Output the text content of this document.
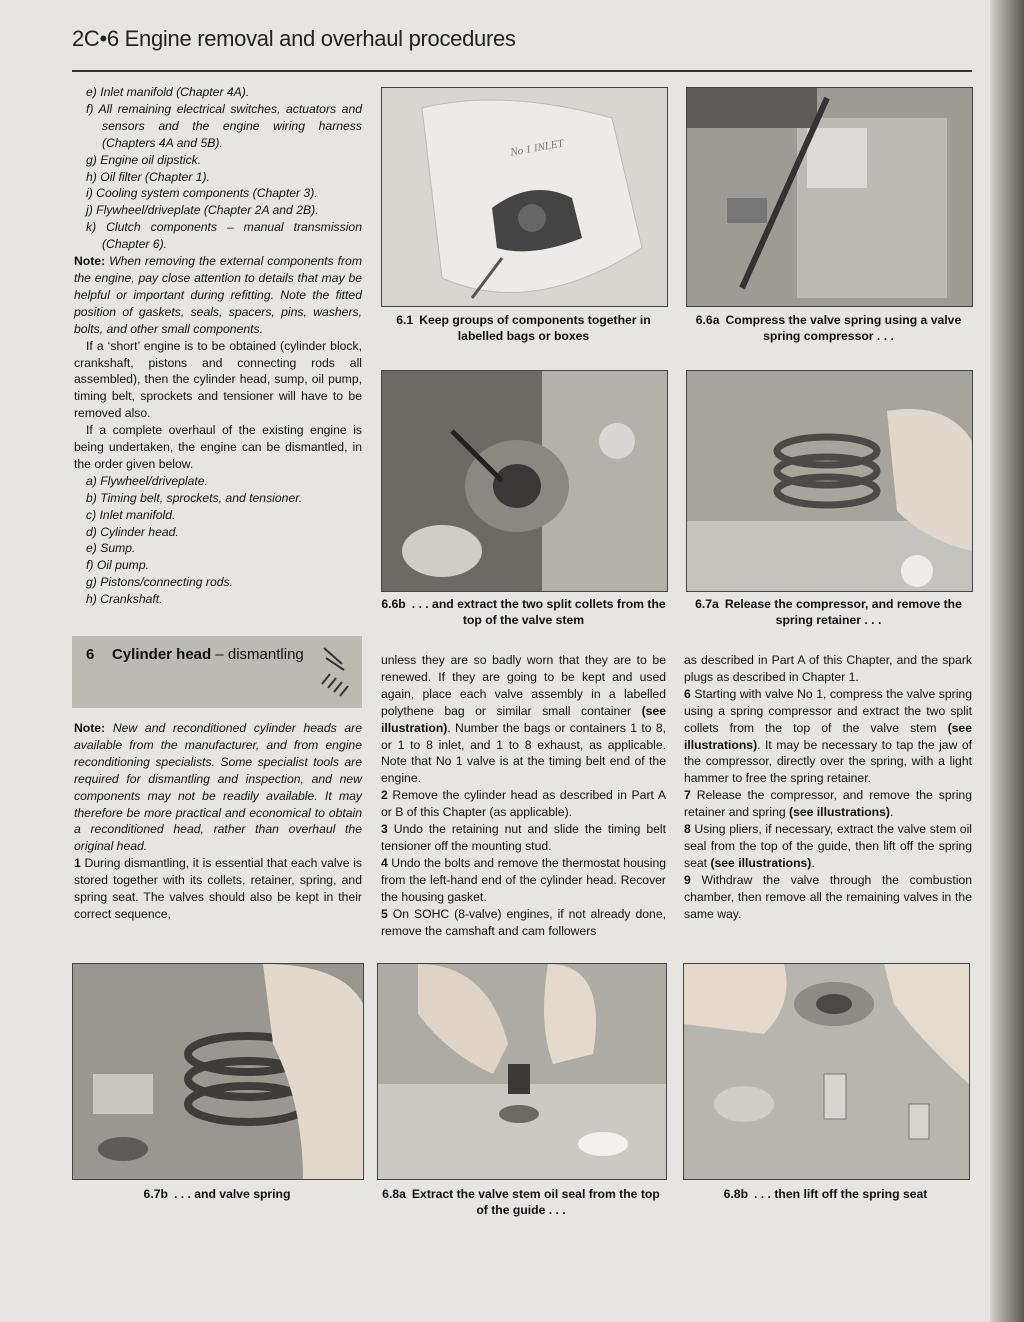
2C•6 Engine removal and overhaul procedures

e) Inlet manifold (Chapter 4A).

f) All remaining electrical switches, actuators and sensors and the engine wiring harness (Chapters 4A and 5B).

g) Engine oil dipstick.

h) Oil filter (Chapter 1).

i) Cooling system components (Chapter 3).

j) Flywheel/driveplate (Chapter 2A and 2B).

k) Clutch components – manual transmission (Chapter 6).

Note: When removing the external components from the engine, pay close attention to details that may be helpful or important during refitting. Note the fitted position of gaskets, seals, spacers, pins, washers, bolts, and other small components.

If a ‘short’ engine is to be obtained (cylinder block, crankshaft, pistons and connecting rods all assembled), then the cylinder head, sump, oil pump, timing belt, sprockets and tensioner will have to be removed also.

If a complete overhaul of the existing engine is being undertaken, the engine can be dismantled, in the order given below.

a) Flywheel/driveplate.

b) Timing belt, sprockets, and tensioner.

c) Inlet manifold.

d) Cylinder head.

e) Sump.

f) Oil pump.

g) Pistons/connecting rods.

h) Crankshaft.

6 Cylinder head – dismantling

Note: New and reconditioned cylinder heads are available from the manufacturer, and from engine reconditioning specialists. Some specialist tools are required for dismantling and inspection, and new components may not be readily available. It may therefore be more practical and economical to obtain a reconditioned head, rather than overhaul the original head.

1 During dismantling, it is essential that each valve is stored together with its collets, retainer, spring, and spring seat. The valves should also be kept in their correct sequence,

unless they are so badly worn that they are to be renewed. If they are going to be kept and used again, place each valve assembly in a labelled polythene bag or similar small container (see illustration). Number the bags or containers 1 to 8, or 1 to 8 inlet, and 1 to 8 exhaust, as applicable. Note that No 1 valve is at the timing belt end of the engine.

2 Remove the cylinder head as described in Part A or B of this Chapter (as applicable).

3 Undo the retaining nut and slide the timing belt tensioner off the mounting stud.

4 Undo the bolts and remove the thermostat housing from the left-hand end of the cylinder head. Recover the housing gasket.

5 On SOHC (8-valve) engines, if not already done, remove the camshaft and cam followers

as described in Part A of this Chapter, and the spark plugs as described in Chapter 1.

6 Starting with valve No 1, compress the valve spring using a spring compressor and extract the two split collets from the top of the valve stem (see illustrations). It may be necessary to tap the jaw of the compressor, directly over the spring, with a light hammer to free the spring retainer.

7 Release the compressor, and remove the spring retainer and spring (see illustrations).

8 Using pliers, if necessary, extract the valve stem oil seal from the top of the guide, then lift off the spring seat (see illustrations).

9 Withdraw the valve through the combustion chamber, then remove all the remaining valves in the same way.

No 1 INLET
6.1 Keep groups of components together in labelled bags or boxes
6.6a Compress the valve spring using a valve spring compressor . . .
6.6b . . . and extract the two split collets from the top of the valve stem
6.7a Release the compressor, and remove the spring retainer . . .
6.7b . . . and valve spring	6.8a Extract the valve stem oil seal from the top of the guide . . .
6.8b . . . then lift off the spring seat
